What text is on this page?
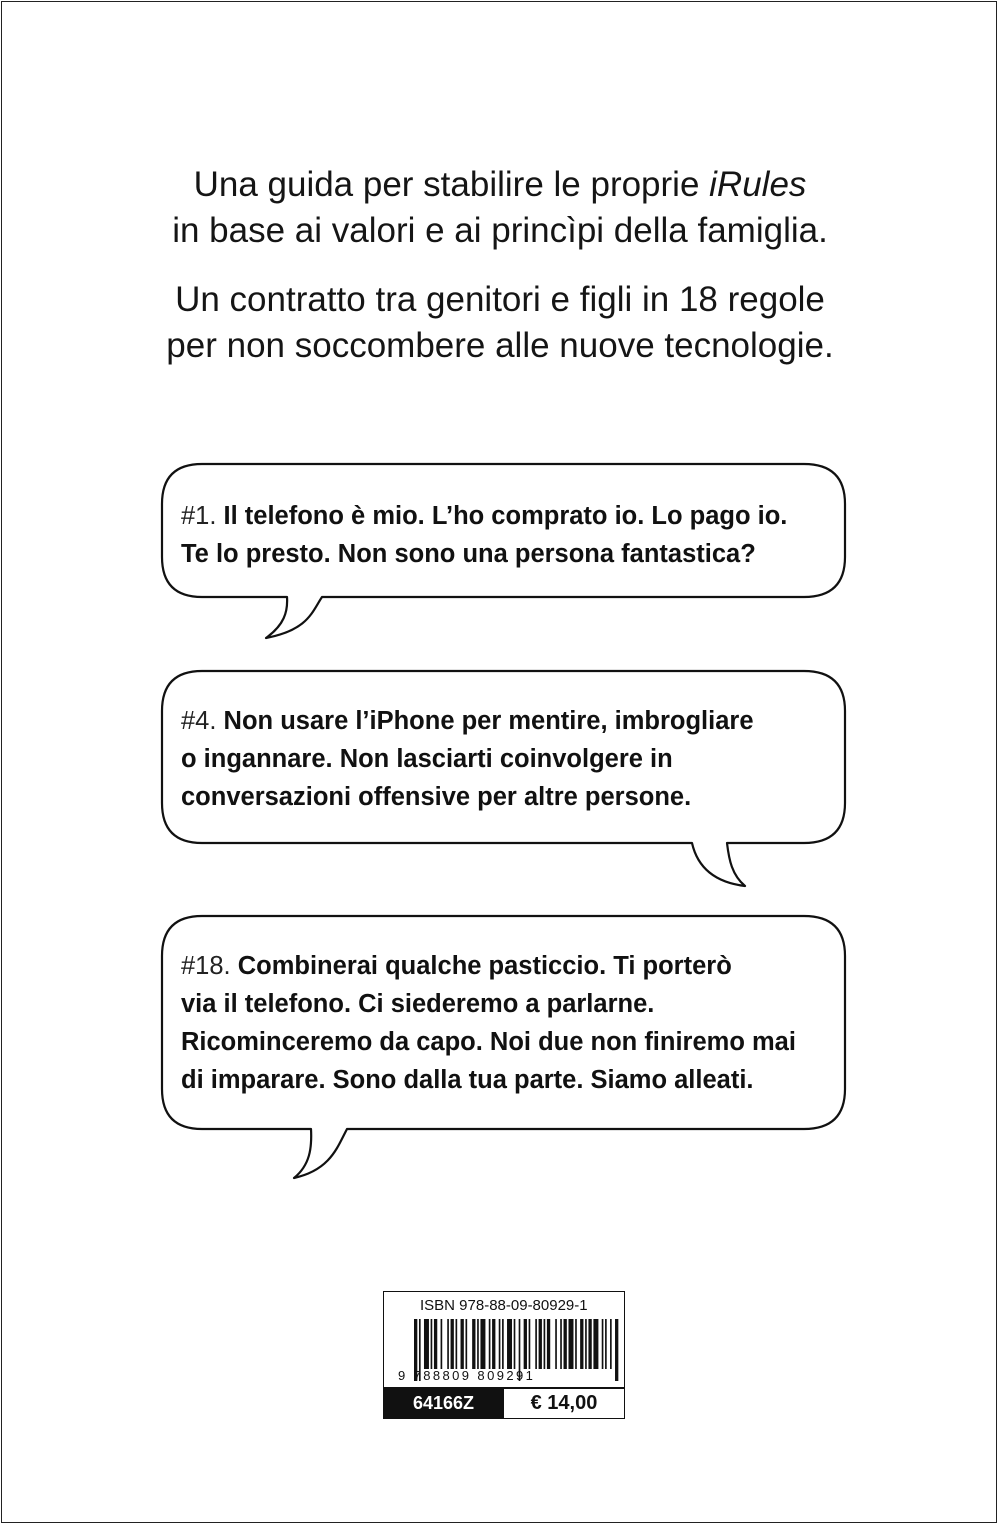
Una guida per stabilire le proprie iRules

in base ai valori e ai princìpi della famiglia.

Un contratto tra genitori e figli in 18 regole

per non soccombere alle nuove tecnologie.

#1. Il telefono è mio. L’ho comprato io. Lo pago io.

Te lo presto. Non sono una persona fantastica?

#4. Non usare l’iPhone per mentire, imbrogliare

o ingannare. Non lasciarti coinvolgere in

conversazioni offensive per altre persone.

#18. Combinerai qualche pasticcio. Ti porterò

via il telefono. Ci siederemo a parlarne.

Ricominceremo da capo. Noi due non finiremo mai

di imparare. Sono dalla tua parte. Siamo alleati.

ISBN 978-88-09-80929-1
9 788809 809291
64166Z	€ 14,00
